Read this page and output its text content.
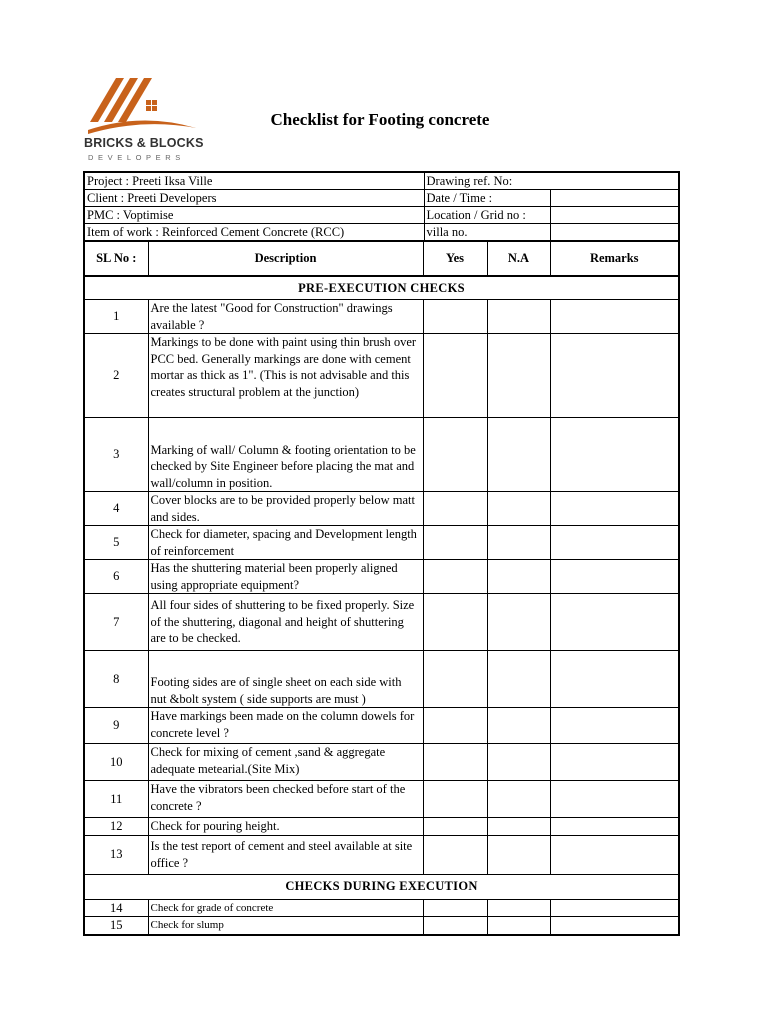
BRICKS & BLOCKS
DEVELOPERS
Checklist for Footing concrete
Project : Preeti Iksa Ville	Drawing ref. No:	
Client : Preeti Developers	Date / Time :	
PMC : Voptimise	Location / Grid no :	
Item of work : Reinforced Cement Concrete (RCC)	villa no.	
SL No :	Description	Yes	N.A	Remarks
PRE-EXECUTION CHECKS				
1	Are the latest "Good for Construction" drawings available ?			
2	Markings to be done with paint using thin brush over PCC bed. Generally markings are done with cement mortar as thick as 1". (This is not advisable and this creates structural problem at the junction)			
3	Marking of wall/ Column & footing orientation to be checked by Site Engineer before placing the mat and wall/column in position.			
4	Cover blocks are to be provided properly below matt and sides.			
5	Check for diameter, spacing and Development length of reinforcement			
6	Has the shuttering material been properly aligned using appropriate equipment?			
7	All four sides of shuttering to be fixed properly. Size of the shuttering, diagonal and height of shuttering are to be checked.			
8	Footing sides are of single sheet on each side with nut &bolt system ( side supports are must )			
9	Have markings been made on the column dowels for concrete level ?			
10	Check for mixing of cement ,sand & aggregate adequate metearial.(Site Mix)			
11	Have the vibrators been checked before start of the concrete ?			
12	Check for pouring height.			
13	Is the test report of cement and steel available at site office ?			
CHECKS DURING EXECUTION				
14	Check for grade of concrete			
15	Check for slump			
